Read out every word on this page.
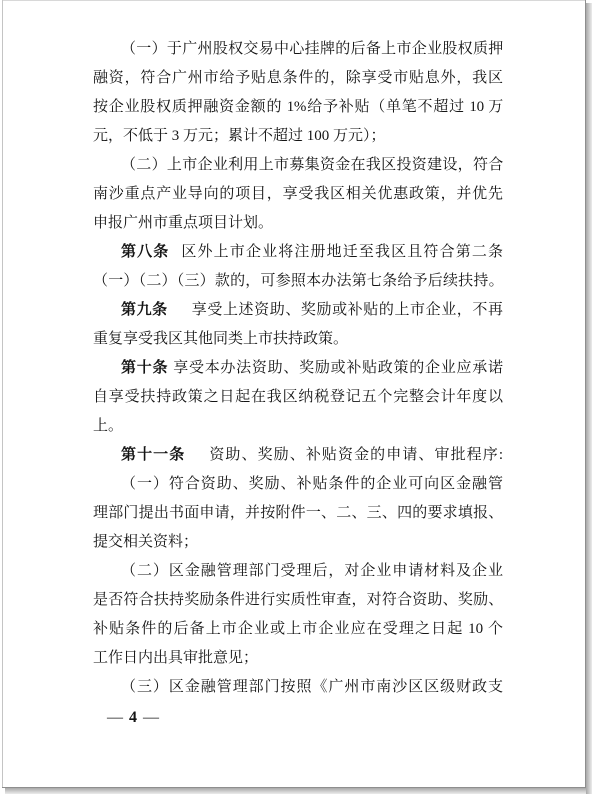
（一）于广州股权交易中心挂牌的后备上市企业股权质押
融资，符合广州市给予贴息条件的，除享受市贴息外，我区
按企业股权质押融资金额的 1%给予补贴（单笔不超过 10 万
元，不低于 3 万元；累计不超过 100 万元）；
（二）上市企业利用上市募集资金在我区投资建设，符合
南沙重点产业导向的项目，享受我区相关优惠政策，并优先
申报广州市重点项目计划。
第八条 区外上市企业将注册地迁至我区且符合第二条
（一）（二）（三）款的，可参照本办法第七条给予后续扶持。
第九条 享受上述资助、奖励或补贴的上市企业，不再
重复享受我区其他同类上市扶持政策。
第十条 享受本办法资助、奖励或补贴政策的企业应承诺
自享受扶持政策之日起在我区纳税登记五个完整会计年度以
上。
第十一条 资助、奖励、补贴资金的申请、审批程序:
（一）符合资助、奖励、补贴条件的企业可向区金融管
理部门提出书面申请，并按附件一、二、三、四的要求填报、
提交相关资料；
（二）区金融管理部门受理后，对企业申请材料及企业
是否符合扶持奖励条件进行实质性审查，对符合资助、奖励、
补贴条件的后备上市企业或上市企业应在受理之日起 10 个
工作日内出具审批意见；
（三）区金融管理部门按照《广州市南沙区区级财政支
— 4 —
